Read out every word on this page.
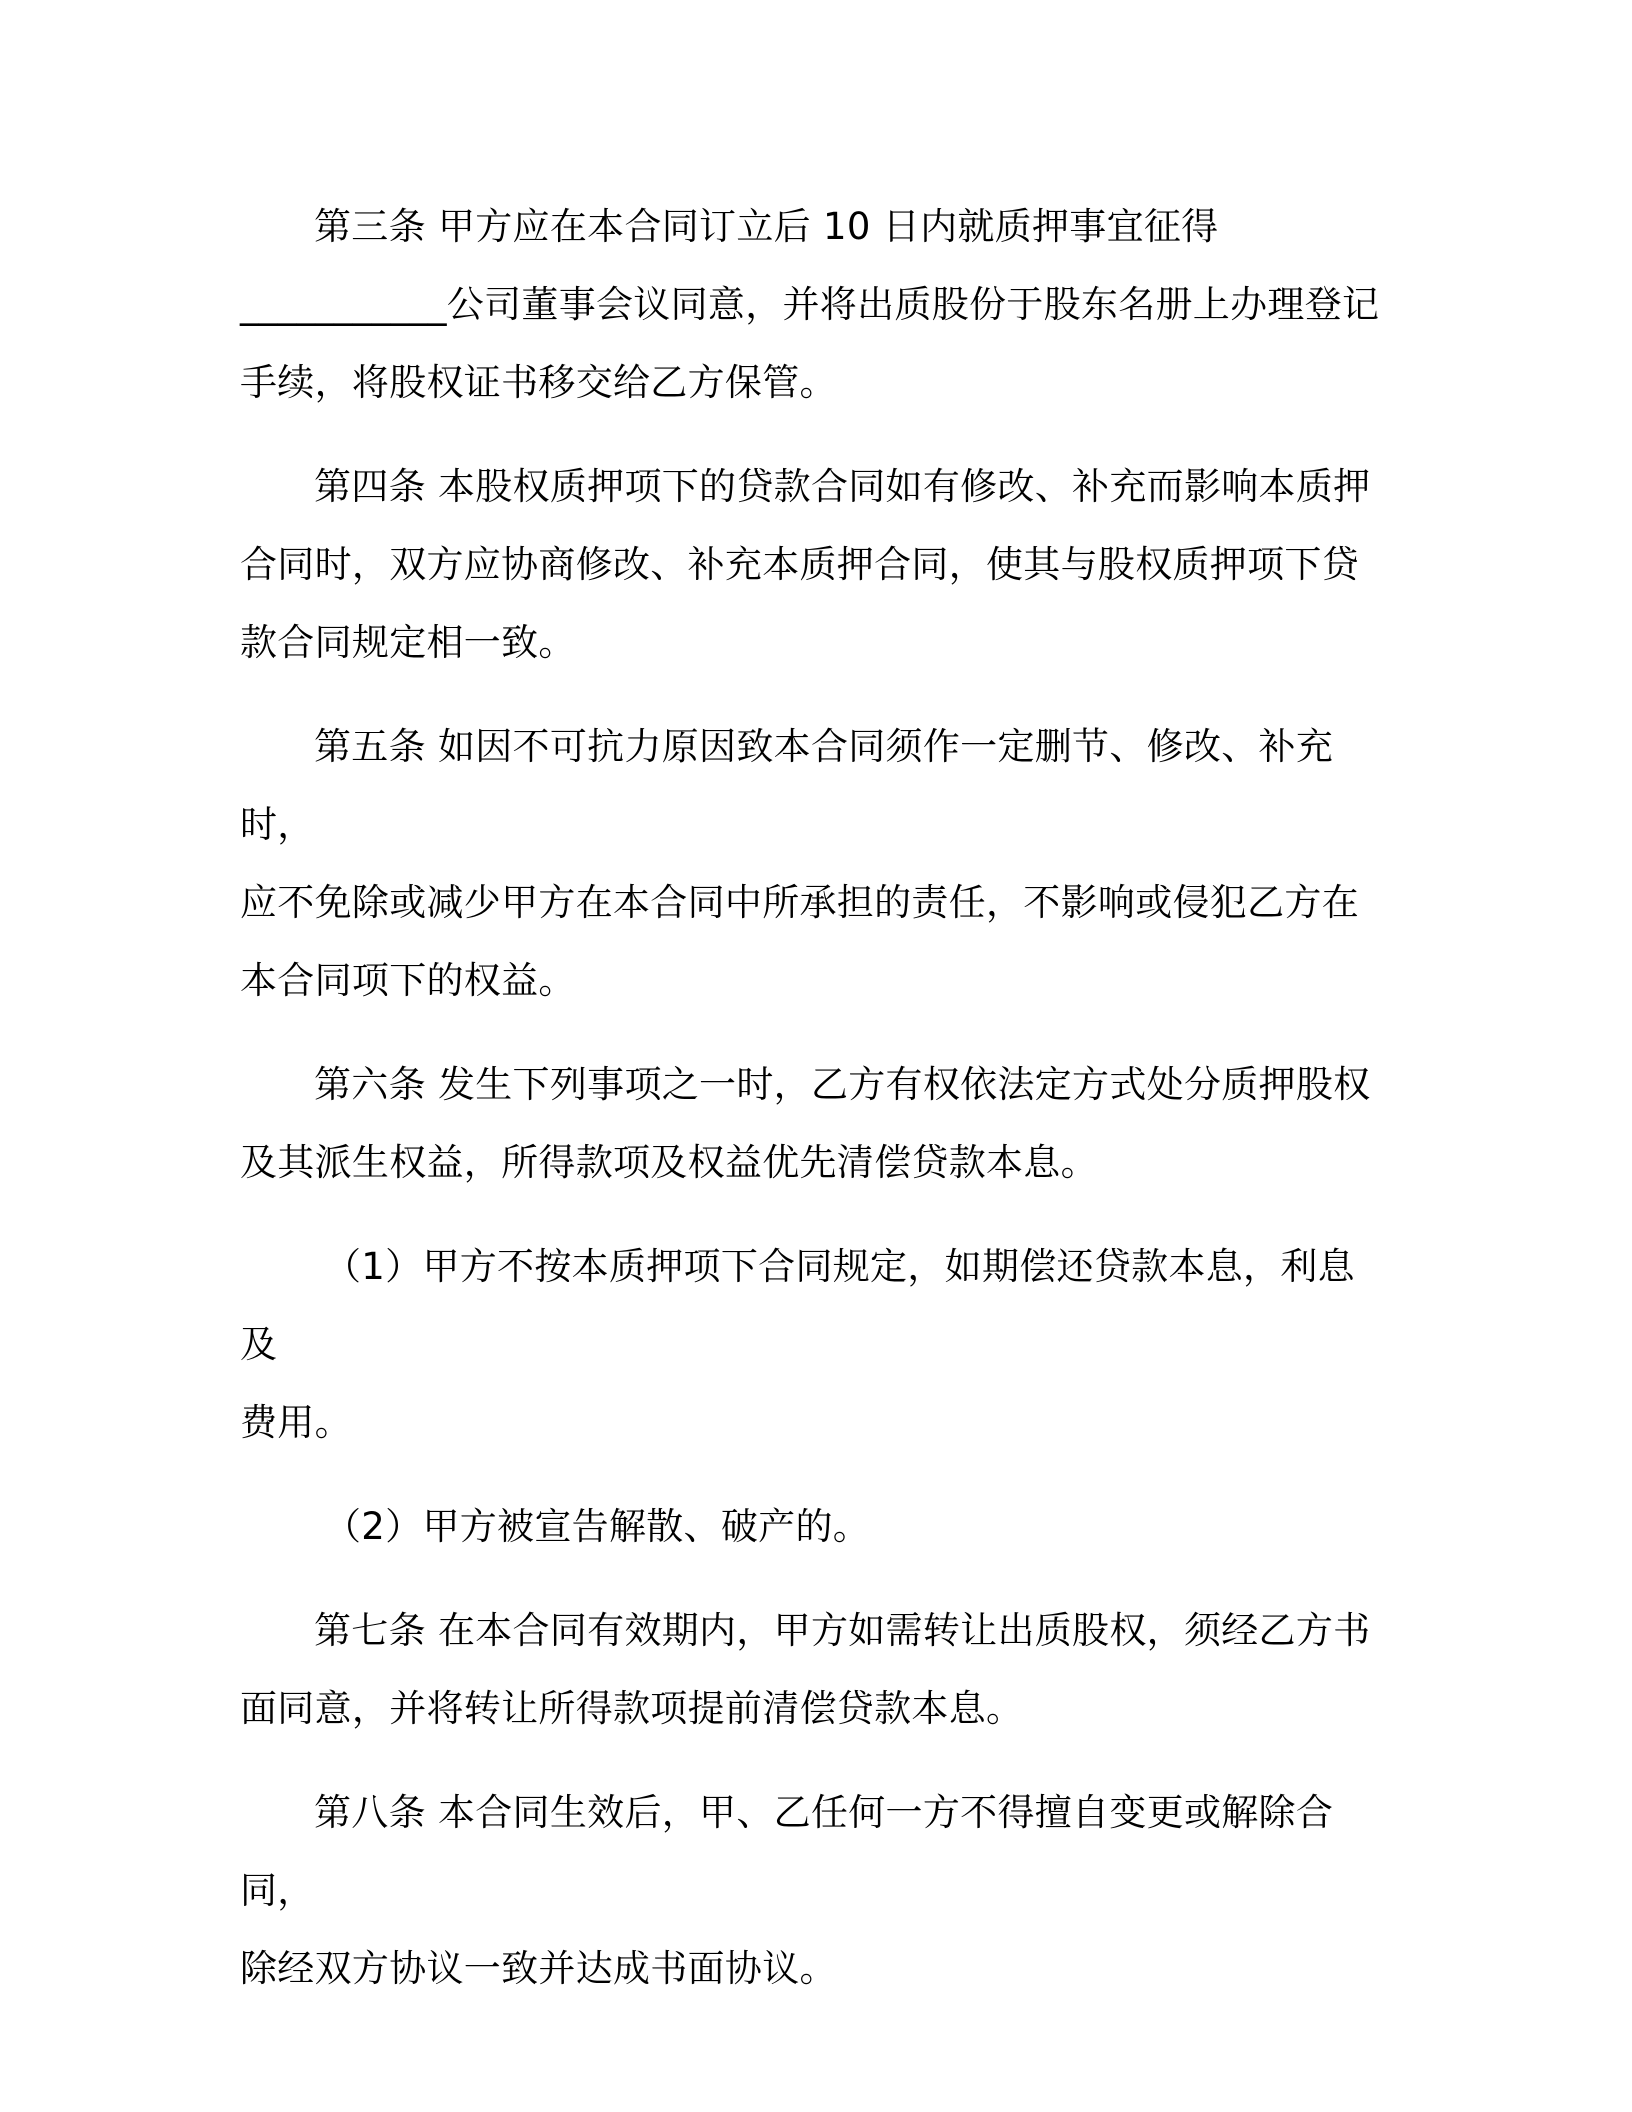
第三条 甲方应在本合同订立后 10 日内就质押事宜征得
___________公司董事会议同意，并将出质股份于股东名册上办理登记
手续，将股权证书移交给乙方保管。

第四条 本股权质押项下的贷款合同如有修改、补充而影响本质押
合同时，双方应协商修改、补充本质押合同，使其与股权质押项下贷
款合同规定相一致。

第五条 如因不可抗力原因致本合同须作一定删节、修改、补充时，
应不免除或减少甲方在本合同中所承担的责任，不影响或侵犯乙方在
本合同项下的权益。

第六条 发生下列事项之一时，乙方有权依法定方式处分质押股权
及其派生权益，所得款项及权益优先清偿贷款本息。

（1）甲方不按本质押项下合同规定，如期偿还贷款本息，利息及
费用。

（2）甲方被宣告解散、破产的。

第七条 在本合同有效期内，甲方如需转让出质股权，须经乙方书
面同意，并将转让所得款项提前清偿贷款本息。

第八条 本合同生效后，甲、乙任何一方不得擅自变更或解除合同，
除经双方协议一致并达成书面协议。
